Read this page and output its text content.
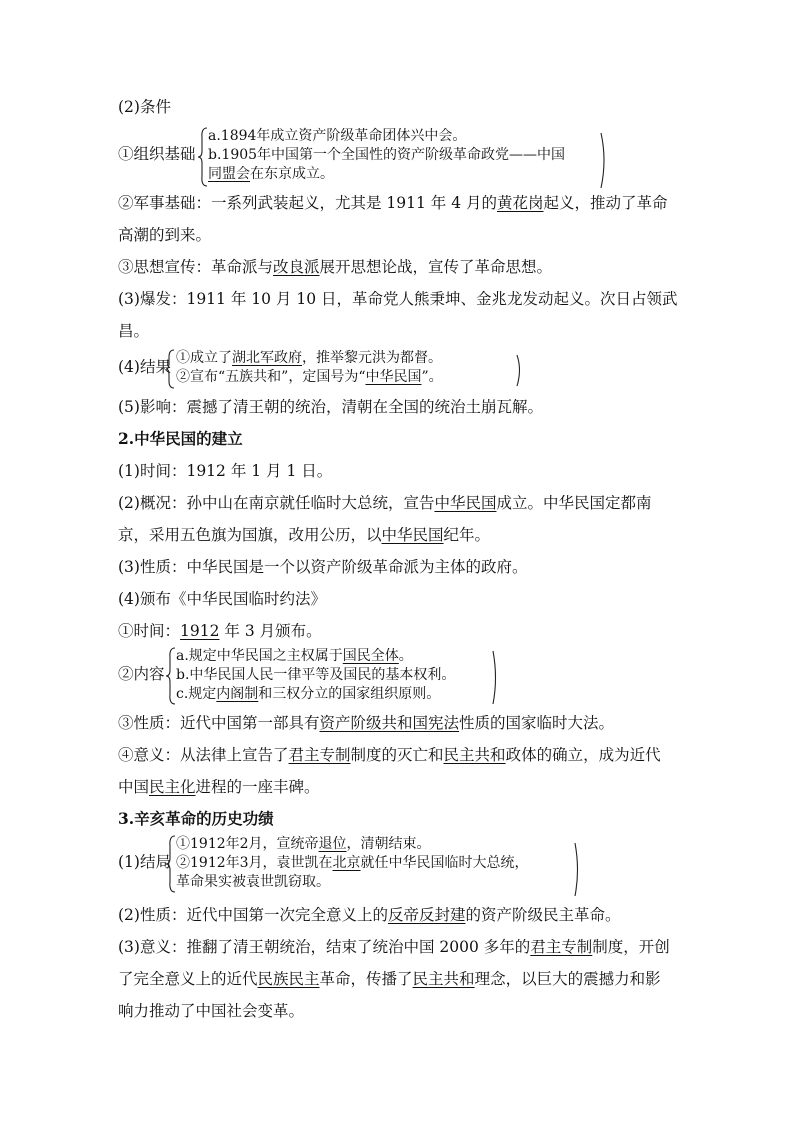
(2)条件
①组织基础
a.1894年成立资产阶级革命团体兴中会。
b.1905年中国第一个全国性的资产阶级革命政党——中国
同盟会在东京成立。
②军事基础：一系列武装起义，尤其是 1911 年 4 月的黄花岗起义，推动了革命
高潮的到来。
③思想宣传：革命派与改良派展开思想论战，宣传了革命思想。
(3)爆发：1911 年 10 月 10 日，革命党人熊秉坤、金兆龙发动起义。次日占领武
昌。
(4)结果 ①成立了湖北军政府，推举黎元洪为都督。
②宣布“五族共和”，定国号为“中华民国”。
(5)影响：震撼了清王朝的统治，清朝在全国的统治土崩瓦解。
2.中华民国的建立
(1)时间：1912 年 1 月 1 日。
(2)概况：孙中山在南京就任临时大总统，宣告中华民国成立。中华民国定都南
京，采用五色旗为国旗，改用公历，以中华民国纪年。
(3)性质：中华民国是一个以资产阶级革命派为主体的政府。
(4)颁布《中华民国临时约法》
①时间：1912 年 3 月颁布。
②内容
a.规定中华民国之主权属于国民全体。
b.中华民国人民一律平等及国民的基本权利。
c.规定内阁制和三权分立的国家组织原则。
③性质：近代中国第一部具有资产阶级共和国宪法性质的国家临时大法。
④意义：从法律上宣告了君主专制制度的灭亡和民主共和政体的确立，成为近代
中国民主化进程的一座丰碑。
3.辛亥革命的历史功绩
(1)结局
①1912年2月，宣统帝退位，清朝结束。
②1912年3月，袁世凯在北京就任中华民国临时大总统，
革命果实被袁世凯窃取。
(2)性质：近代中国第一次完全意义上的反帝反封建的资产阶级民主革命。
(3)意义：推翻了清王朝统治，结束了统治中国 2000 多年的君主专制制度，开创
了完全意义上的近代民族民主革命，传播了民主共和理念，以巨大的震撼力和影
响力推动了中国社会变革。
